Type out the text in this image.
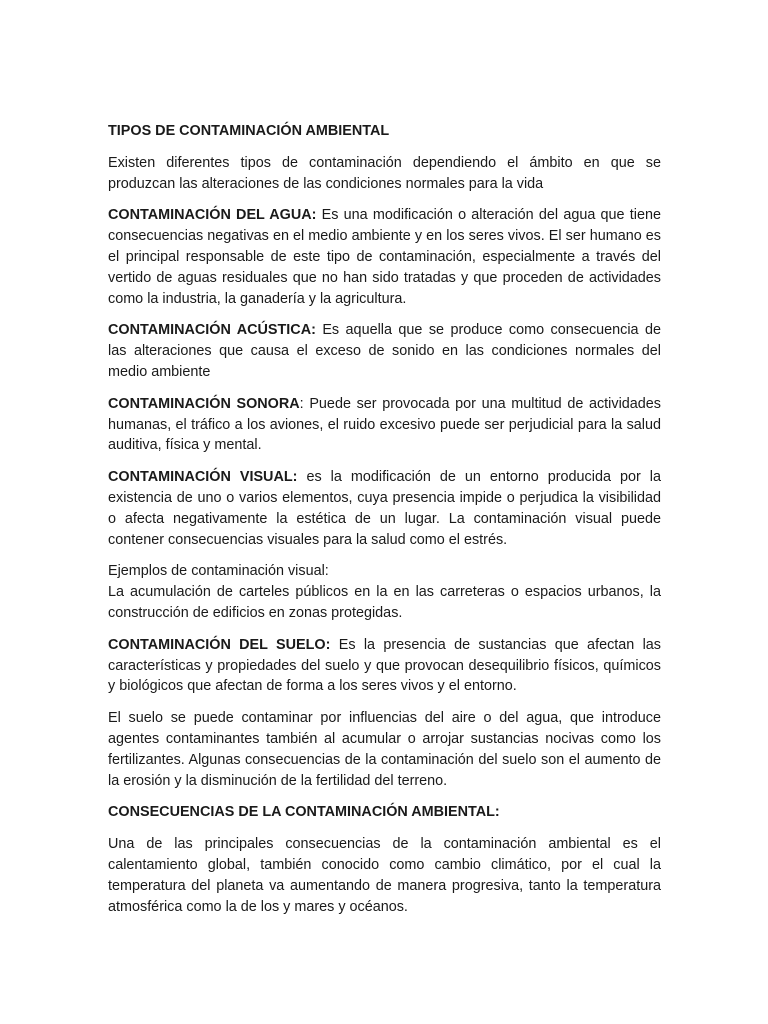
TIPOS DE CONTAMINACIÓN AMBIENTAL

Existen diferentes tipos de contaminación dependiendo el ámbito en que se produzcan las alteraciones de las condiciones normales para la vida

CONTAMINACIÓN DEL AGUA: Es una modificación o alteración del agua que tiene consecuencias negativas en el medio ambiente y en los seres vivos. El ser humano es el principal responsable de este tipo de contaminación, especialmente a través del vertido de aguas residuales que no han sido tratadas y que proceden de actividades como la industria, la ganadería y la agricultura.

CONTAMINACIÓN ACÚSTICA: Es aquella que se produce como consecuencia de las alteraciones que causa el exceso de sonido en las condiciones normales del medio ambiente

CONTAMINACIÓN SONORA: Puede ser provocada por una multitud de actividades humanas, el tráfico a los aviones, el ruido excesivo puede ser perjudicial para la salud auditiva, física y mental.

CONTAMINACIÓN VISUAL: es la modificación de un entorno producida por la existencia de uno o varios elementos, cuya presencia impide o perjudica la visibilidad o afecta negativamente la estética de un lugar. La contaminación visual puede contener consecuencias visuales para la salud como el estrés.

Ejemplos de contaminación visual:
La acumulación de carteles públicos en la en las carreteras o espacios urbanos, la construcción de edificios en zonas protegidas.

CONTAMINACIÓN DEL SUELO: Es la presencia de sustancias que afectan las características y propiedades del suelo y que provocan desequilibrio físicos, químicos y biológicos que afectan de forma a los seres vivos y el entorno.

El suelo se puede contaminar por influencias del aire o del agua, que introduce agentes contaminantes también al acumular o arrojar sustancias nocivas como los fertilizantes. Algunas consecuencias de la contaminación del suelo son el aumento de la erosión y la disminución de la fertilidad del terreno.

CONSECUENCIAS DE LA CONTAMINACIÓN AMBIENTAL:

Una de las principales consecuencias de la contaminación ambiental es el calentamiento global, también conocido como cambio climático, por el cual la temperatura del planeta va aumentando de manera progresiva, tanto la temperatura atmosférica como la de los y mares y océanos.
